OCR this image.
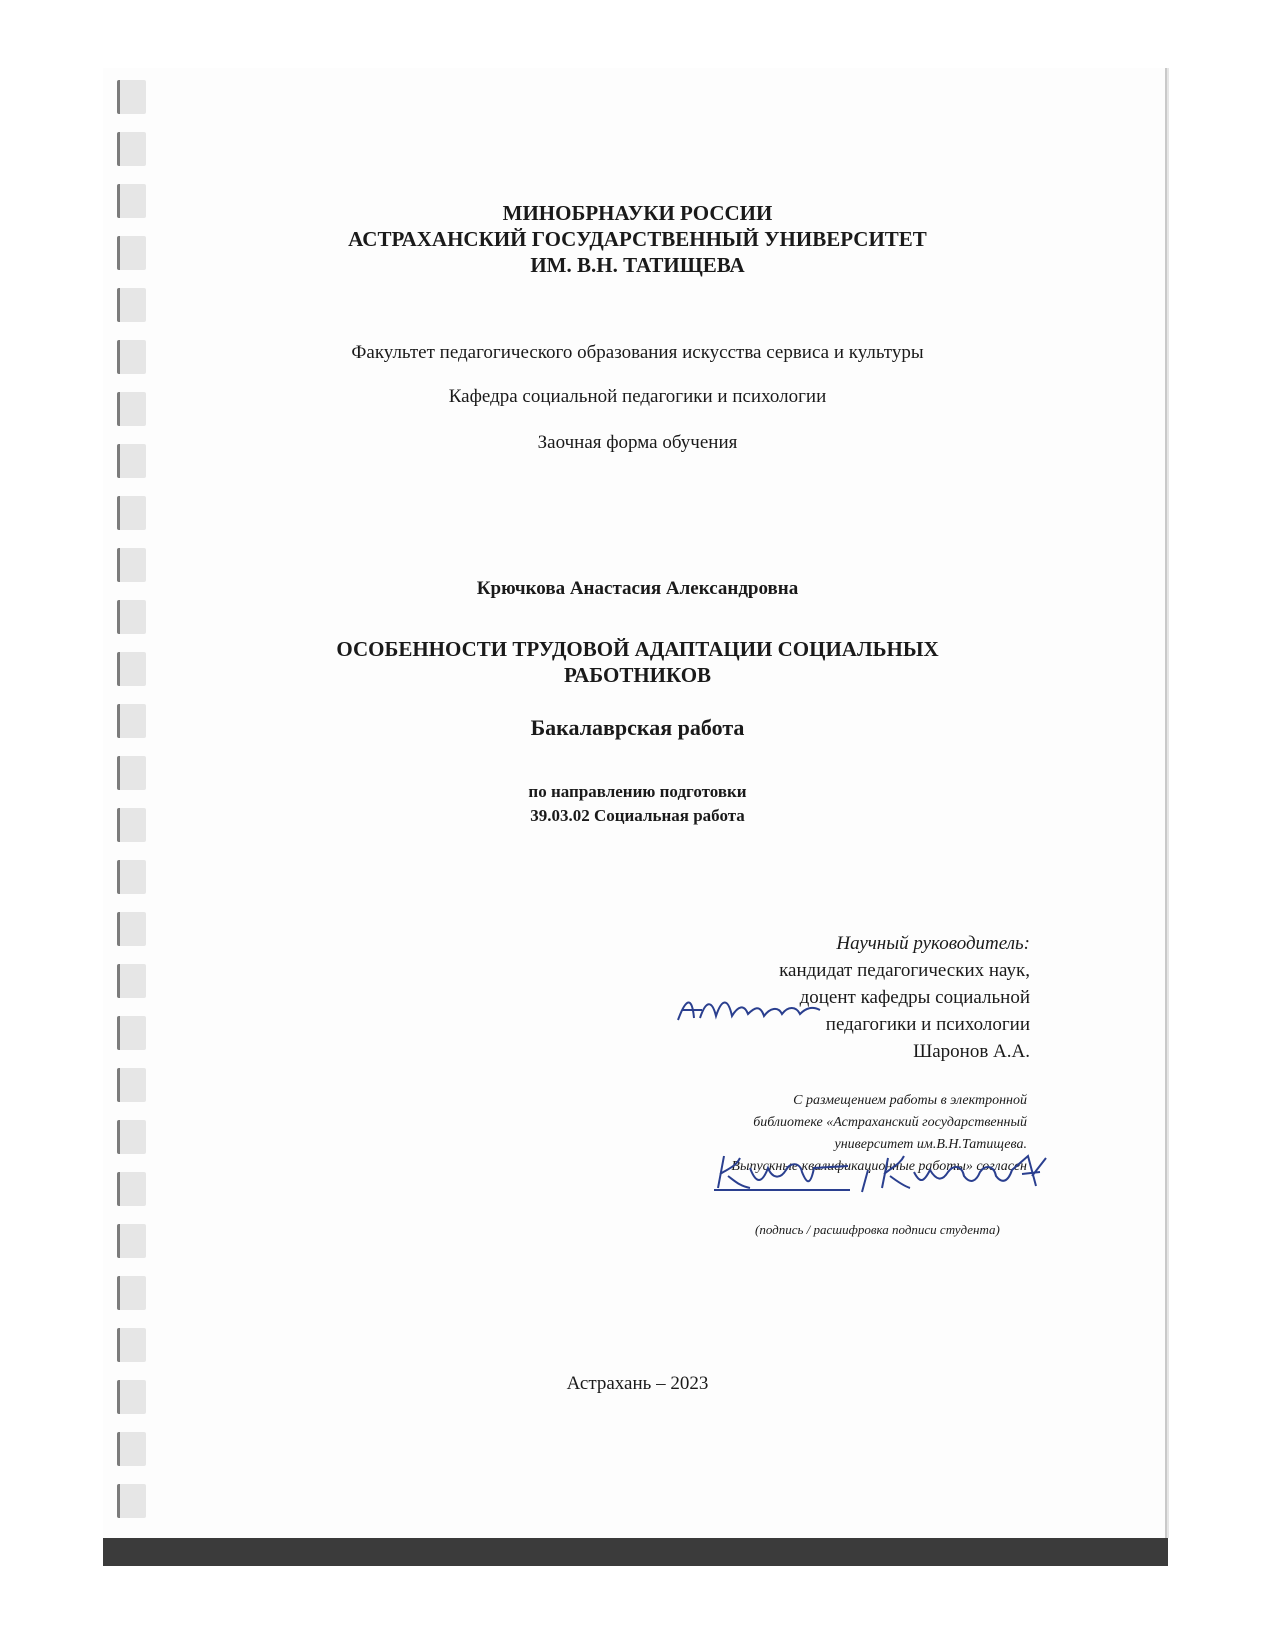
МИНОБРНАУКИ РОССИИ
АСТРАХАНСКИЙ ГОСУДАРСТВЕННЫЙ УНИВЕРСИТЕТ
ИМ. В.Н. ТАТИЩЕВА
Факультет педагогического образования искусства сервиса и культуры
Кафедра социальной педагогики и психологии
Заочная форма обучения
Крючкова Анастасия Александровна
ОСОБЕННОСТИ ТРУДОВОЙ АДАПТАЦИИ СОЦИАЛЬНЫХ
РАБОТНИКОВ
Бакалаврская работа
по направлению подготовки
39.03.02 Социальная работа
Научный руководитель:
кандидат педагогических наук,
доцент кафедры социальной
педагогики и психологии
Шаронов А.А.
С размещением работы в электронной
библиотеке «Астраханский государственный
университет им.В.Н.Татищева.
Выпускные квалификационные работы» согласен
(подпись / расшифровка подписи студента)
Астрахань – 2023
